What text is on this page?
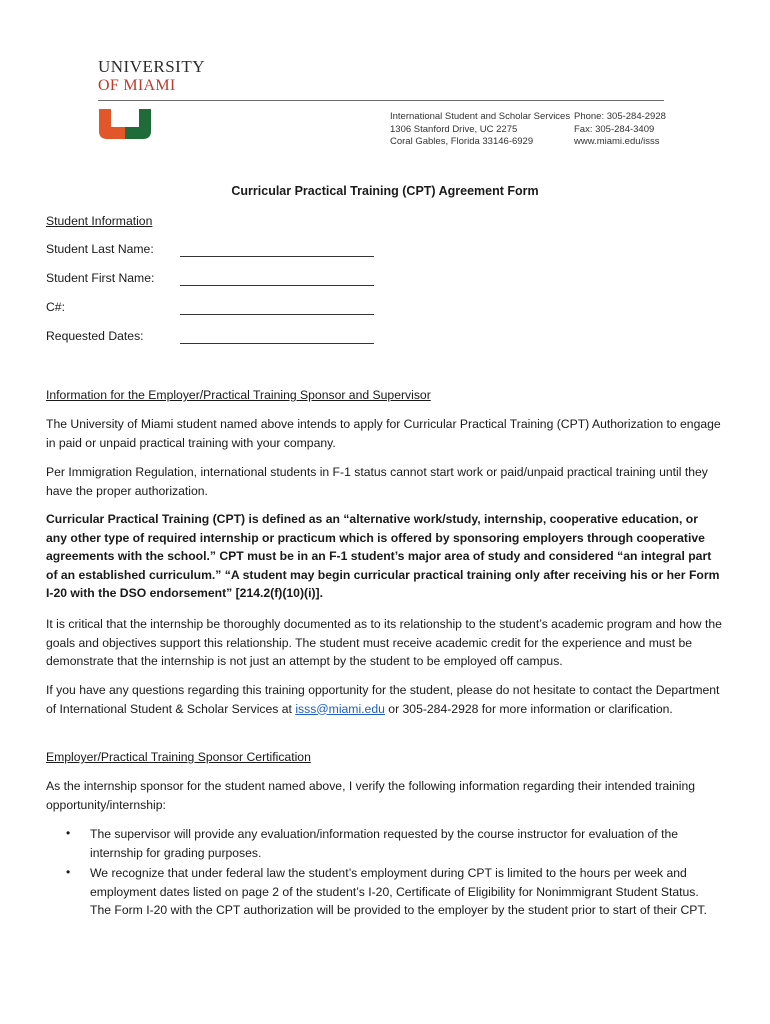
UNIVERSITY
OF MIAMI
International Student and Scholar Services
1306 Stanford Drive, UC 2275
Coral Gables, Florida 33146-6929
Phone: 305-284-2928
Fax: 305-284-3409
www.miami.edu/isss
Curricular Practical Training (CPT) Agreement Form
Student Information
Student Last Name:
Student First Name:
C#:
Requested Dates:
Information for the Employer/Practical Training Sponsor and Supervisor
The University of Miami student named above intends to apply for Curricular Practical Training (CPT) Authorization to engage in paid or unpaid practical training with your company.
Per Immigration Regulation, international students in F-1 status cannot start work or paid/unpaid practical training until they have the proper authorization.
Curricular Practical Training (CPT) is defined as an “alternative work/study, internship, cooperative education, or any other type of required internship or practicum which is offered by sponsoring employers through cooperative agreements with the school.” CPT must be in an F-1 student’s major area of study and considered “an integral part of an established curriculum.” “A student may begin curricular practical training only after receiving his or her Form I-20 with the DSO endorsement” [214.2(f)(10)(i)].
It is critical that the internship be thoroughly documented as to its relationship to the student’s academic program and how the goals and objectives support this relationship. The student must receive academic credit for the experience and must be demonstrate that the internship is not just an attempt by the student to be employed off campus.
If you have any questions regarding this training opportunity for the student, please do not hesitate to contact the Department of International Student & Scholar Services at isss@miami.edu or 305-284-2928 for more information or clarification.
Employer/Practical Training Sponsor Certification
As the internship sponsor for the student named above, I verify the following information regarding their intended training opportunity/internship:
• The supervisor will provide any evaluation/information requested by the course instructor for evaluation of the internship for grading purposes.
• We recognize that under federal law the student’s employment during CPT is limited to the hours per week and employment dates listed on page 2 of the student’s I-20, Certificate of Eligibility for Nonimmigrant Student Status. The Form I-20 with the CPT authorization will be provided to the employer by the student prior to start of their CPT.
